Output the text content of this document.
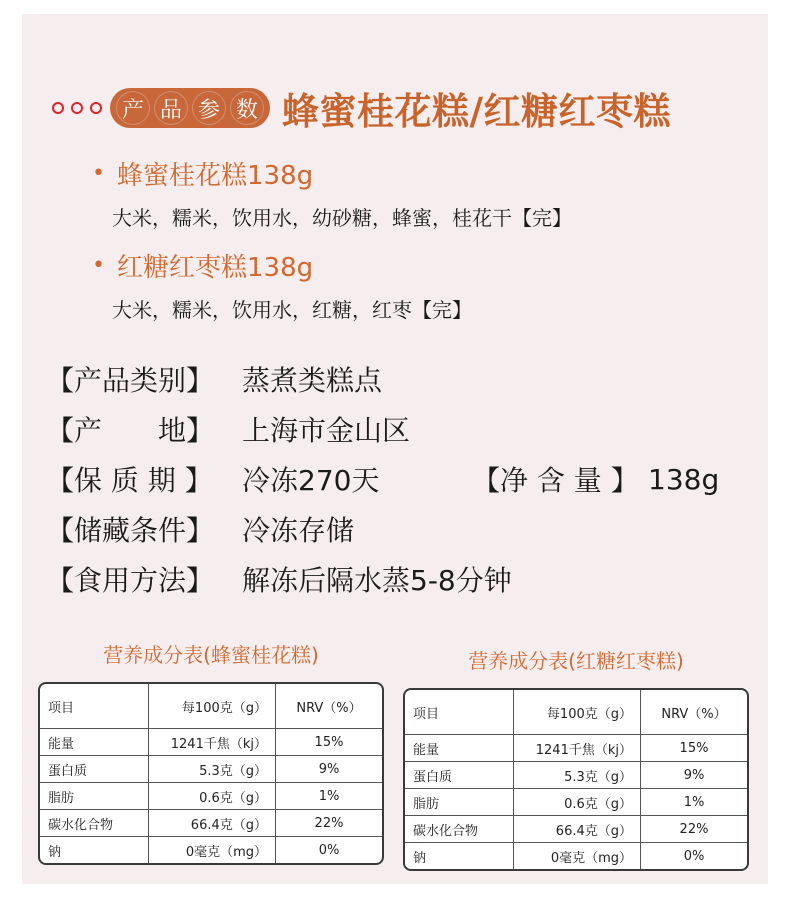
产 品 参 数 蜂蜜桂花糕/红糖红枣糕
• 蜂蜜桂花糕138g
大米，糯米，饮用水，幼砂糖，蜂蜜，桂花干【完】
• 红糖红枣糕138g
大米，糯米，饮用水，红糖，红枣【完】
【产品类别】 蒸煮类糕点
【产　　地】 上海市金山区
【保 质 期 】	冷冻270天	【净 含 量 】 138g
【储藏条件】 冷冻存储
【食用方法】 解冻后隔水蒸5-8分钟
营养成分表(蜂蜜桂花糕)
项目	每100克（g）	NRV（%）
能量	1241千焦（kj）	15%
蛋白质	5.3克（g）	9%
脂肪	0.6克（g）	1%
碳水化合物	66.4克（g）	22%
钠	0毫克（mg）	0%
营养成分表(红糖红枣糕)
项目	每100克（g）	NRV（%）
能量	1241千焦（kj）	15%
蛋白质	5.3克（g）	9%
脂肪	0.6克（g）	1%
碳水化合物	66.4克（g）	22%
钠	0毫克（mg）	0%
